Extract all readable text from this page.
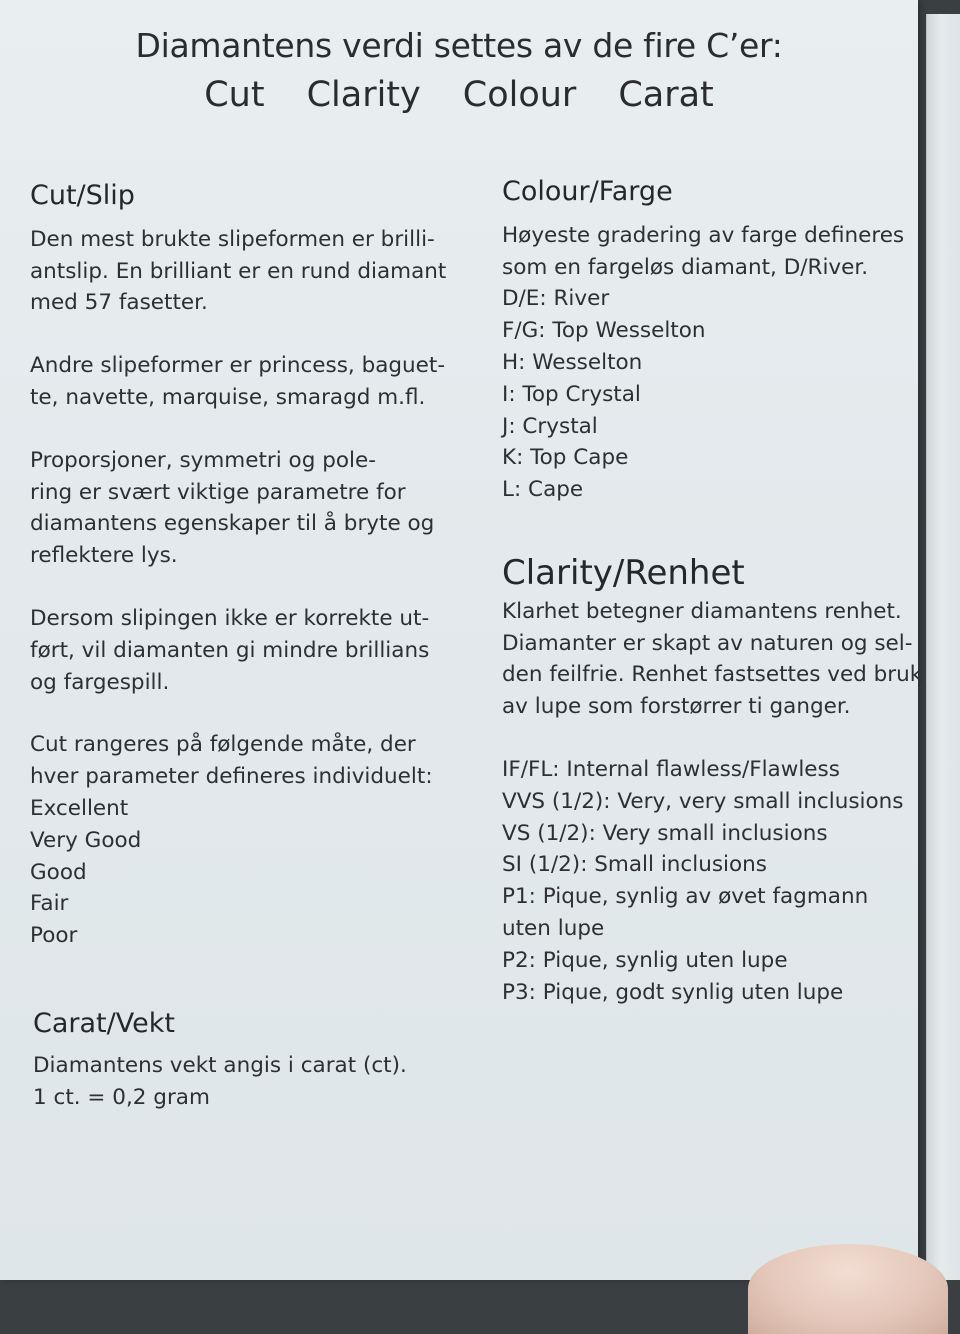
Diamantens verdi settes av de fire C’er:
Cut Clarity Colour Carat
Cut/Slip

Den mest brukte slipeformen er brilli-
antslip. En brilliant er en rund diamant
med 57 fasetter.

Andre slipeformer er princess, baguet-
te, navette, marquise, smaragd m.fl.

Proporsjoner, symmetri og pole-
ring er svært viktige parametre for
diamantens egenskaper til å bryte og
reflektere lys.

Dersom slipingen ikke er korrekte ut-
ført, vil diamanten gi mindre brillians
og fargespill.

Cut rangeres på følgende måte, der
hver parameter defineres individuelt:

Excellent
Very Good
Good
Fair
Poor

Carat/Vekt

Diamantens vekt angis i carat (ct).
1 ct. = 0,2 gram

Colour/Farge

Høyeste gradering av farge defineres
som en fargeløs diamant, D/River.

D/E: River
F/G: Top Wesselton
H: Wesselton
I: Top Crystal
J: Crystal
K: Top Cape
L: Cape

Clarity/Renhet

Klarhet betegner diamantens renhet.
Diamanter er skapt av naturen og sel-
den feilfrie. Renhet fastsettes ved bruk
av lupe som forstørrer ti ganger.

IF/FL: Internal flawless/Flawless
VVS (1/2): Very, very small inclusions
VS (1/2): Very small inclusions
SI (1/2): Small inclusions
P1: Pique, synlig av øvet fagmann
uten lupe
P2: Pique, synlig uten lupe
P3: Pique, godt synlig uten lupe
